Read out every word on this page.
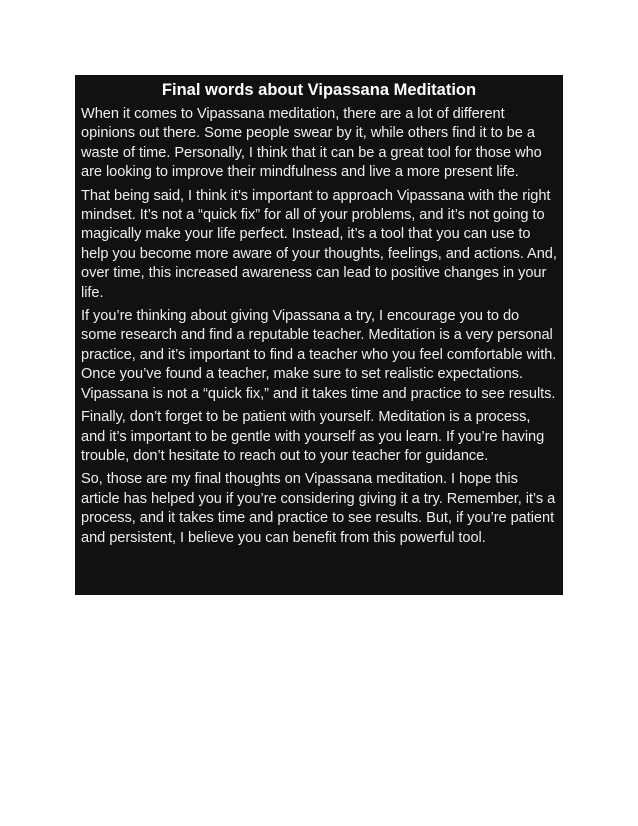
Final words about Vipassana Meditation

When it comes to Vipassana meditation, there are a lot of different opinions out there. Some people swear by it, while others find it to be a waste of time. Personally, I think that it can be a great tool for those who are looking to improve their mindfulness and live a more present life.

That being said, I think it’s important to approach Vipassana with the right mindset. It’s not a “quick fix” for all of your problems, and it’s not going to magically make your life perfect. Instead, it’s a tool that you can use to help you become more aware of your thoughts, feelings, and actions. And, over time, this increased awareness can lead to positive changes in your life.

If you’re thinking about giving Vipassana a try, I encourage you to do some research and find a reputable teacher. Meditation is a very personal practice, and it’s important to find a teacher who you feel comfortable with. Once you’ve found a teacher, make sure to set realistic expectations. Vipassana is not a “quick fix,” and it takes time and practice to see results.

Finally, don’t forget to be patient with yourself. Meditation is a process, and it’s important to be gentle with yourself as you learn. If you’re having trouble, don’t hesitate to reach out to your teacher for guidance.

So, those are my final thoughts on Vipassana meditation. I hope this article has helped you if you’re considering giving it a try. Remember, it’s a process, and it takes time and practice to see results. But, if you’re patient and persistent, I believe you can benefit from this powerful tool.
